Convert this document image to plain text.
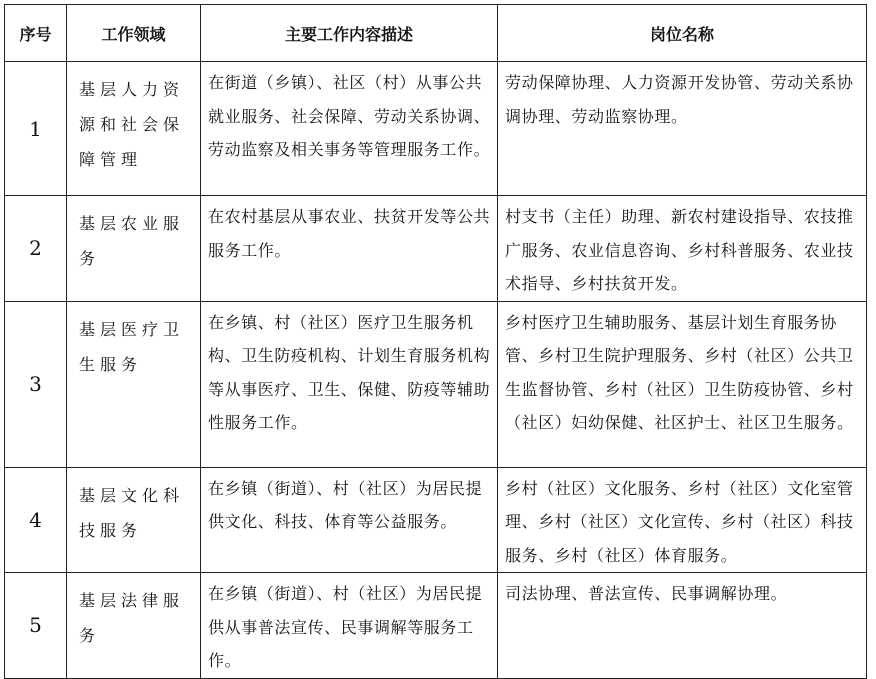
序号	工作领域	主要工作内容描述	岗位名称
1	基层人力资源和社会保障管理	在街道（乡镇）、社区（村）从事公共就业服务、社会保障、劳动关系协调、劳动监察及相关事务等管理服务工作。	劳动保障协理、人力资源开发协管、劳动关系协调协理、劳动监察协理。
2	基层农业服务	在农村基层从事农业、扶贫开发等公共服务工作。	村支书（主任）助理、新农村建设指导、农技推广服务、农业信息咨询、乡村科普服务、农业技术指导、乡村扶贫开发。
3	基层医疗卫生服务	在乡镇、村（社区）医疗卫生服务机构、卫生防疫机构、计划生育服务机构等从事医疗、卫生、保健、防疫等辅助性服务工作。	乡村医疗卫生辅助服务、基层计划生育服务协管、乡村卫生院护理服务、乡村（社区）公共卫生监督协管、乡村（社区）卫生防疫协管、乡村（社区）妇幼保健、社区护士、社区卫生服务。
4	基层文化科技服务	在乡镇（街道）、村（社区）为居民提供文化、科技、体育等公益服务。	乡村（社区）文化服务、乡村（社区）文化室管理、乡村（社区）文化宣传、乡村（社区）科技服务、乡村（社区）体育服务。
5	基层法律服务	在乡镇（街道）、村（社区）为居民提供从事普法宣传、民事调解等服务工作。	司法协理、普法宣传、民事调解协理。
